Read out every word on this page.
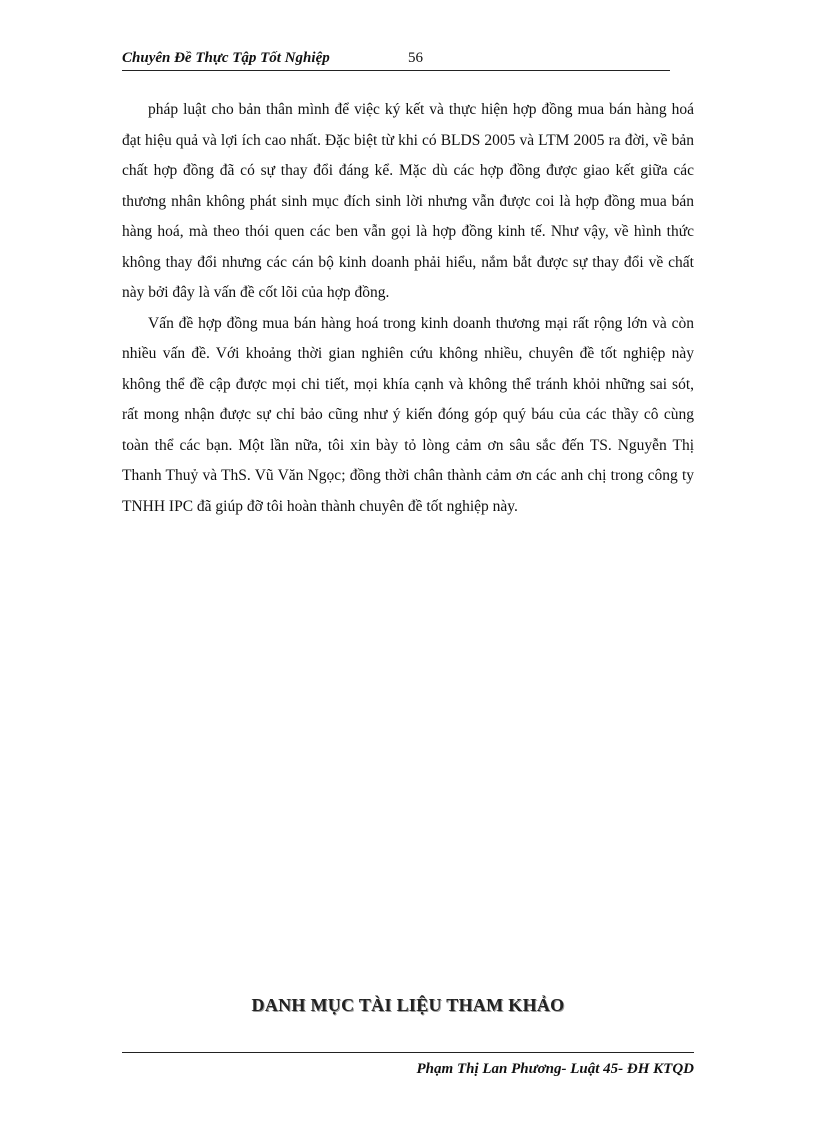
Chuyên Đề Thực Tập Tốt Nghiệp	56

pháp luật cho bản thân mình để việc ký kết và thực hiện hợp đồng mua bán hàng hoá đạt hiệu quả và lợi ích cao nhất. Đặc biệt từ khi có BLDS 2005 và LTM 2005 ra đời, về bản chất hợp đồng đã có sự thay đổi đáng kể. Mặc dù các hợp đồng được giao kết giữa các thương nhân không phát sinh mục đích sinh lời nhưng vẫn được coi là hợp đồng mua bán hàng hoá, mà theo thói quen các ben vẫn gọi là hợp đồng kinh tế. Như vậy, về hình thức không thay đổi nhưng các cán bộ kinh doanh phải hiểu, nắm bắt được sự thay đổi về chất này bởi đây là vấn đề cốt lõi của hợp đồng.

Vấn đề hợp đồng mua bán hàng hoá trong kinh doanh thương mại rất rộng lớn và còn nhiều vấn đề. Với khoảng thời gian nghiên cứu không nhiều, chuyên đề tốt nghiệp này không thể đề cập được mọi chi tiết, mọi khía cạnh và không thể tránh khỏi những sai sót, rất mong nhận được sự chỉ bảo cũng như ý kiến đóng góp quý báu của các thầy cô cùng toàn thể các bạn. Một lần nữa, tôi xin bày tỏ lòng cảm ơn sâu sắc đến TS. Nguyễn Thị Thanh Thuỷ và ThS. Vũ Văn Ngọc; đồng thời chân thành cảm ơn các anh chị trong công ty TNHH IPC đã giúp đỡ tôi hoàn thành chuyên đề tốt nghiệp này.

DANH MỤC TÀI LIỆU THAM KHẢO
Phạm Thị Lan Phương- Luật 45- ĐH KTQD
